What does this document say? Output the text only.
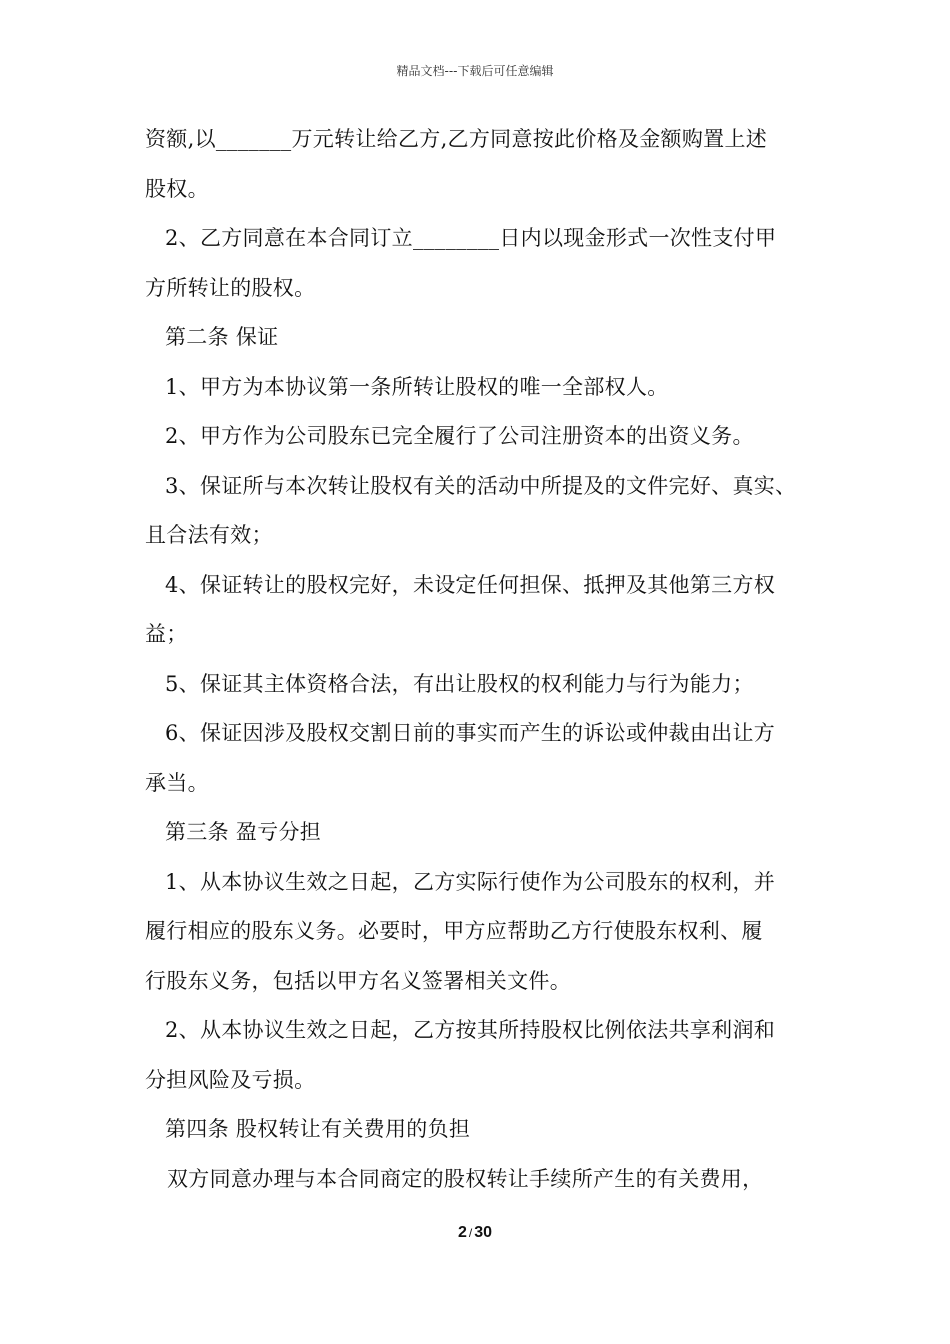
精品文档---下载后可任意编辑
资额,以_______万元转让给乙方,乙方同意按此价格及金额购置上述
股权。
2、乙方同意在本合同订立________日内以现金形式一次性支付甲
方所转让的股权。
第二条 保证
1、甲方为本协议第一条所转让股权的唯一全部权人。
2、甲方作为公司股东已完全履行了公司注册资本的出资义务。
3、保证所与本次转让股权有关的活动中所提及的文件完好、真实、
且合法有效；
4、保证转让的股权完好，未设定任何担保、抵押及其他第三方权
益；
5、保证其主体资格合法，有出让股权的权利能力与行为能力；
6、保证因涉及股权交割日前的事实而产生的诉讼或仲裁由出让方
承当。
第三条 盈亏分担
1、从本协议生效之日起，乙方实际行使作为公司股东的权利，并
履行相应的股东义务。必要时，甲方应帮助乙方行使股东权利、履
行股东义务，包括以甲方名义签署相关文件。
2、从本协议生效之日起，乙方按其所持股权比例依法共享利润和
分担风险及亏损。
第四条 股权转让有关费用的负担
双方同意办理与本合同商定的股权转让手续所产生的有关费用，
2 / 30
